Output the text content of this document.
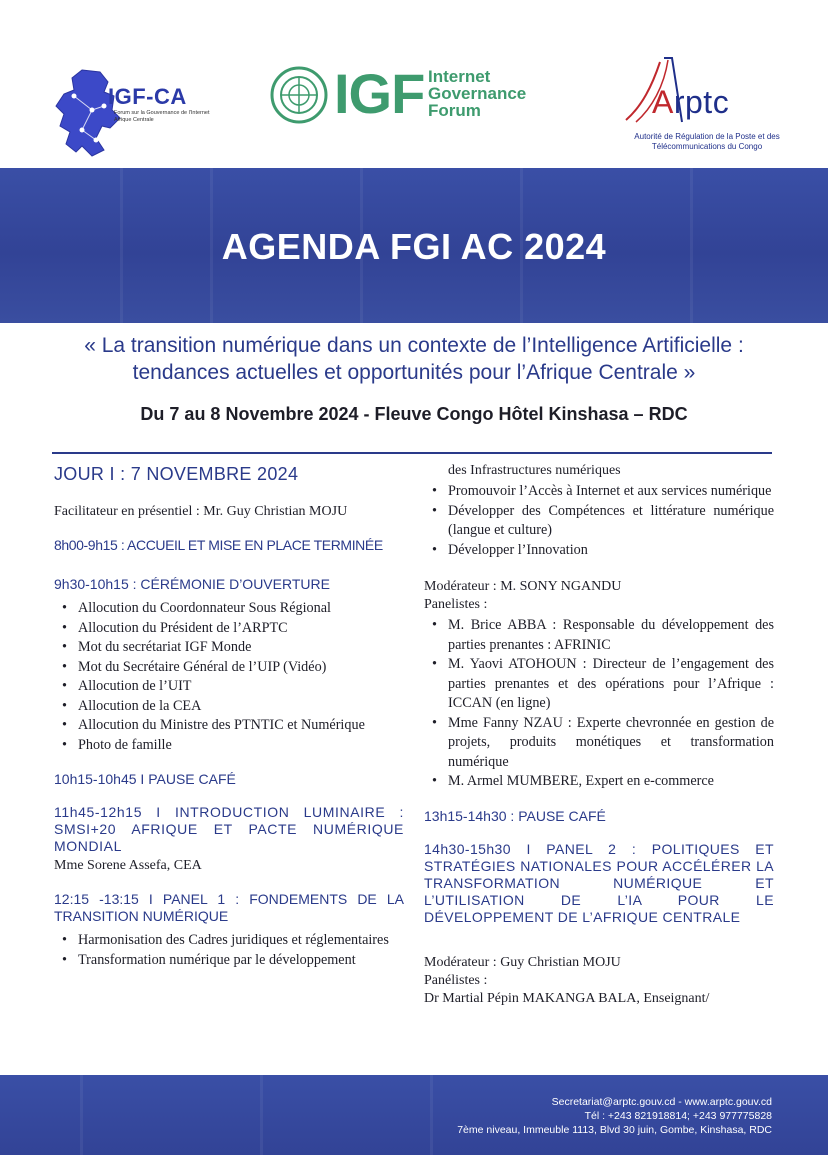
IGF-CA
Forum sur la Gouvernance de l'Internet Afrique Centrale	IGF Internet
Governance
Forum	Arptc
Autorité de Régulation de la Poste et des Télécommunications du Congo
AGENDA FGI AC 2024
« La transition numérique dans un contexte de l’Intelligence Artificielle : tendances actuelles et opportunités pour l’Afrique Centrale »
Du 7 au 8 Novembre 2024 - Fleuve Congo Hôtel Kinshasa – RDC
JOUR I : 7 NOVEMBRE 2024
Facilitateur en présentiel : Mr. Guy Christian MOJU
8h00-9h15 : ACCUEIL ET MISE EN PLACE TERMINÉE
9h30-10h15 : CÉRÉMONIE D’OUVERTURE
• Allocution du Coordonnateur Sous Régional
• Allocution du Président de l’ARPTC
• Mot du secrétariat IGF Monde
• Mot du Secrétaire Général de l’UIP (Vidéo)
• Allocution de l’UIT
• Allocution de la CEA
• Allocution du Ministre des PTNTIC et Numérique
• Photo de famille
10h15-10h45 I PAUSE CAFÉ
11h45-12h15 I INTRODUCTION LUMINAIRE : SMSI+20 AFRIQUE ET PACTE NUMÉRIQUE MONDIAL
Mme Sorene Assefa, CEA
12:15 -13:15 I PANEL 1 : FONDEMENTS DE LA TRANSITION NUMÉRIQUE
• Harmonisation des Cadres juridiques et réglementaires
• Transformation numérique par le développement
des Infrastructures numériques
• Promouvoir l’Accès à Internet et aux services numérique
• Développer des Compétences et littérature numérique (langue et culture)
• Développer l’Innovation
Modérateur : M. SONY NGANDU
Panelistes :
• M. Brice ABBA : Responsable du développement des parties prenantes : AFRINIC
• M. Yaovi ATOHOUN : Directeur de l’engagement des parties prenantes et des opérations pour l’Afrique : ICCAN (en ligne)
• Mme Fanny NZAU : Experte chevronnée en gestion de projets, produits monétiques et transformation numérique
• M. Armel MUMBERE, Expert en e-commerce
13h15-14h30 : PAUSE CAFÉ
14h30-15h30 I PANEL 2 : POLITIQUES ET STRATÉGIES NATIONALES POUR ACCÉLÉRER LA TRANSFORMATION NUMÉRIQUE ET L’UTILISATION DE L’IA POUR LE DÉVELOPPEMENT DE L’AFRIQUE CENTRALE
Modérateur : Guy Christian MOJU
Panélistes :
Dr Martial Pépin MAKANGA BALA, Enseignant/
Secretariat@arptc.gouv.cd - www.arptc.gouv.cd
Tél : +243 821918814; +243 977775828
7ème niveau, Immeuble 1113, Blvd 30 juin, Gombe, Kinshasa, RDC
